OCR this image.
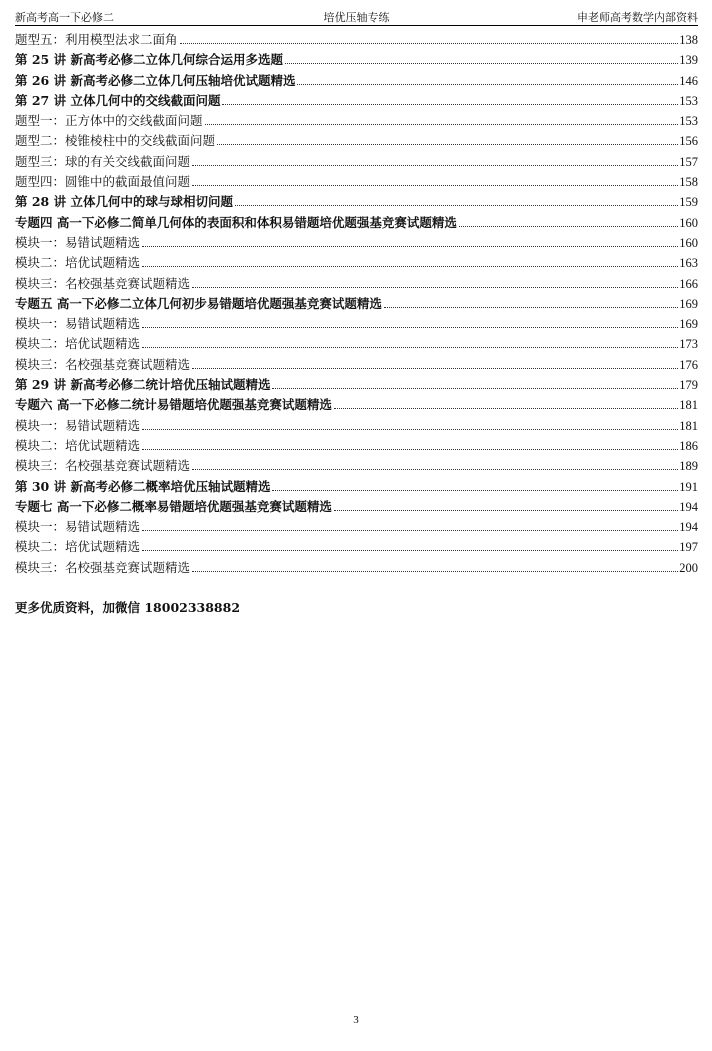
新高考高一下必修二	培优压轴专练	申老师高考数学内部资料
题型五：利用模型法求二面角	138
第 25 讲 新高考必修二立体几何综合运用多选题	139
第 26 讲 新高考必修二立体几何压轴培优试题精选	146
第 27 讲 立体几何中的交线截面问题	153
题型一：正方体中的交线截面问题	153
题型二：棱锥棱柱中的交线截面问题	156
题型三：球的有关交线截面问题	157
题型四：圆锥中的截面最值问题	158
第 28 讲 立体几何中的球与球相切问题	159
专题四 高一下必修二简单几何体的表面积和体积易错题培优题强基竞赛试题精选	160
模块一：易错试题精选	160
模块二：培优试题精选	163
模块三：名校强基竞赛试题精选	166
专题五 高一下必修二立体几何初步易错题培优题强基竞赛试题精选	169
模块一：易错试题精选	169
模块二：培优试题精选	173
模块三：名校强基竞赛试题精选	176
第 29 讲 新高考必修二统计培优压轴试题精选	179
专题六 高一下必修二统计易错题培优题强基竞赛试题精选	181
模块一：易错试题精选	181
模块二：培优试题精选	186
模块三：名校强基竞赛试题精选	189
第 30 讲 新高考必修二概率培优压轴试题精选	191
专题七 高一下必修二概率易错题培优题强基竞赛试题精选	194
模块一：易错试题精选	194
模块二：培优试题精选	197
模块三：名校强基竞赛试题精选	200
更多优质资料，加微信 18002338882
3
